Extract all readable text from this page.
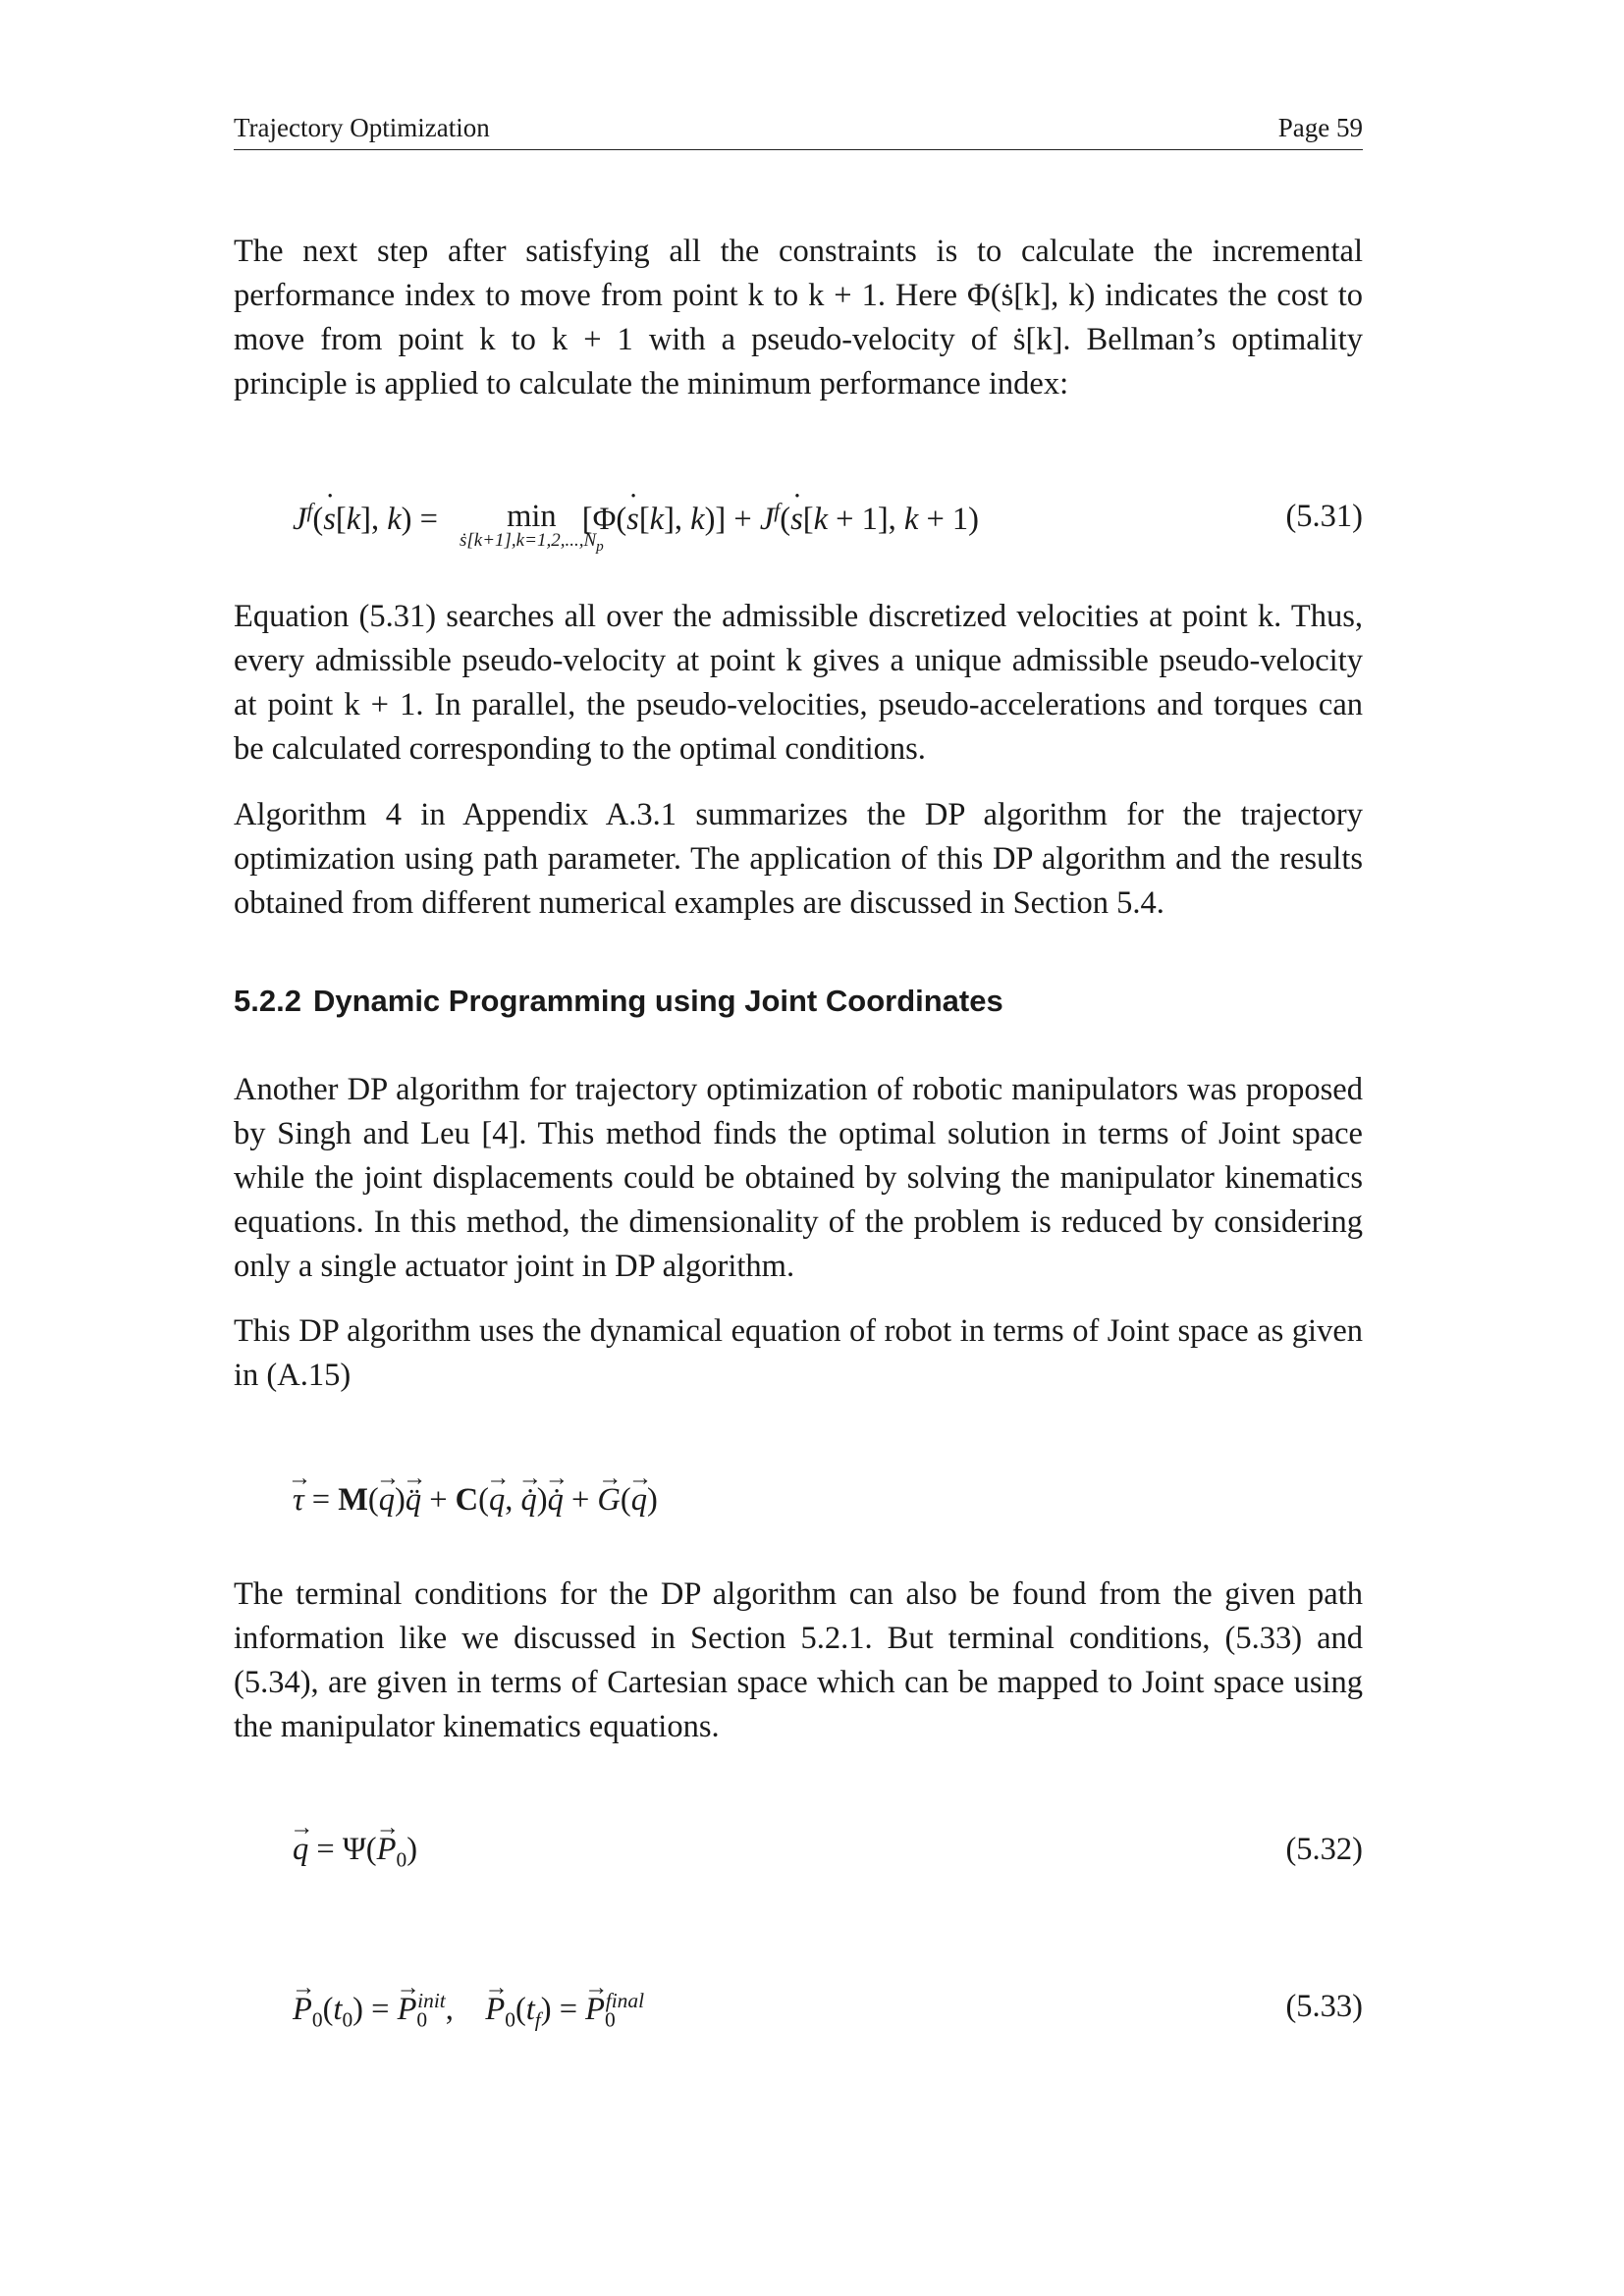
Trajectory Optimization	Page 59

The next step after satisfying all the constraints is to calculate the incremental performance index to move from point k to k + 1. Here Φ(ṡ[k], k) indicates the cost to move from point k to k + 1 with a pseudo-velocity of ṡ[k]. Bellman’s optimality principle is applied to calculate the minimum performance index:

$J^f(s$ ˙[k], k) = min
$ṡ[k+1],k=1,2,...,N_p$
[Φ(s ˙[k], $k)] + J^f(s$ ˙[k + 1], k + 1)	(5.31)

Equation (5.31) searches all over the admissible discretized velocities at point k. Thus, every admissible pseudo-velocity at point k gives a unique admissible pseudo-velocity at point k + 1. In parallel, the pseudo-velocities, pseudo-accelerations and torques can be calculated corresponding to the optimal conditions.

Algorithm 4 in Appendix A.3.1 summarizes the DP algorithm for the trajectory optimization using path parameter. The application of this DP algorithm and the results obtained from different numerical examples are discussed in Section 5.4.

5.2.2 Dynamic Programming using Joint Coordinates

Another DP algorithm for trajectory optimization of robotic manipulators was proposed by Singh and Leu [4]. This method finds the optimal solution in terms of Joint space while the joint displacements could be obtained by solving the manipulator kinematics equations. In this method, the dimensionality of the problem is reduced by considering only a single actuator joint in DP algorithm.

This DP algorithm uses the dynamical equation of robot in terms of Joint space as given in (A.15)

τ → = M(q →)q̈ → + C(q →, q̇ →)q̇ → + G →(q →)

The terminal conditions for the DP algorithm can also be found from the given path information like we discussed in Section 5.2.1. But terminal conditions, (5.33) and (5.34), are given in terms of Cartesian space which can be mapped to Joint space using the manipulator kinematics equations.

q → = $\Psi(P \to_0)$	(5.32)
$P \to_0(t_0) = P \to_0^{init}$,    $P \to_0(t_f) = P \to_0^{final}$	(5.33)
